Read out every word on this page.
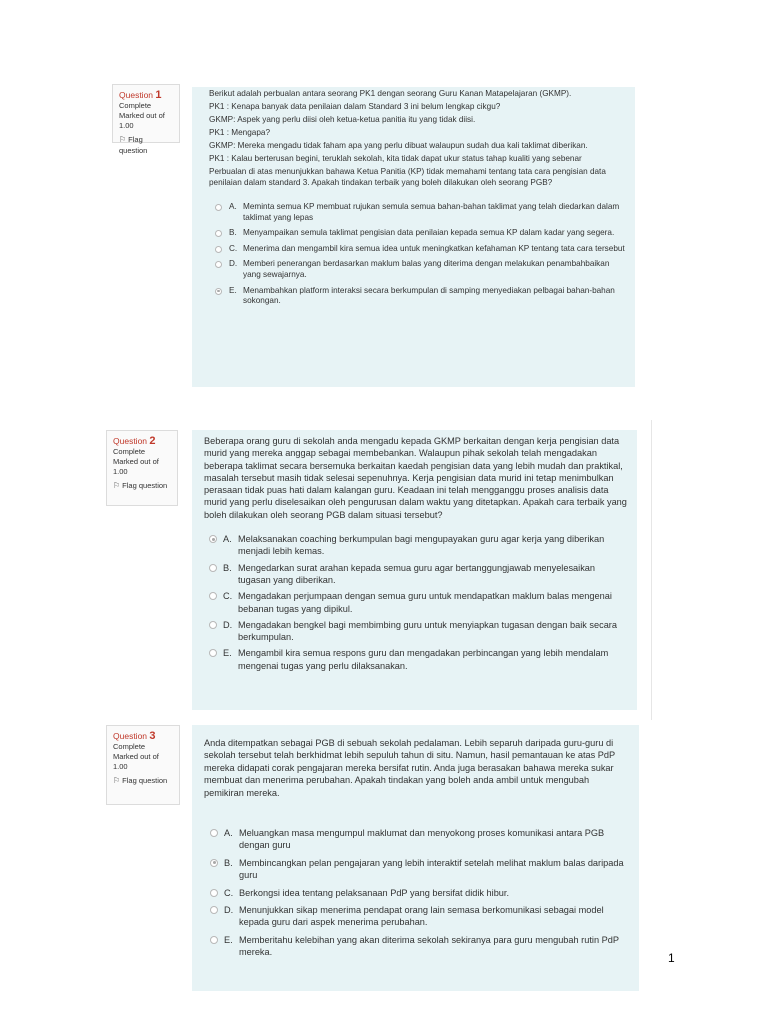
Question 1
Complete
Marked out of
1.00
⚐ Flag question

Berikut adalah perbualan antara seorang PK1 dengan seorang Guru Kanan Matapelajaran (GKMP).

PK1 : Kenapa banyak data penilaian dalam Standard 3 ini belum lengkap cikgu?

GKMP: Aspek yang perlu diisi oleh ketua-ketua panitia itu yang tidak diisi.

PK1 : Mengapa?

GKMP: Mereka mengadu tidak faham apa yang perlu dibuat walaupun sudah dua kali taklimat diberikan.

PK1 : Kalau berterusan begini, teruklah sekolah, kita tidak dapat ukur status tahap kualiti yang sebenar

Perbualan di atas menunjukkan bahawa Ketua Panitia (KP) tidak memahami tentang tata cara pengisian data penilaian dalam standard 3. Apakah tindakan terbaik yang boleh dilakukan oleh seorang PGB?

A. Meminta semua KP membuat rujukan semula semua bahan-bahan taklimat yang telah diedarkan dalam taklimat yang lepas
B. Menyampaikan semula taklimat pengisian data penilaian kepada semua KP dalam kadar yang segera.
C. Menerima dan mengambil kira semua idea untuk meningkatkan kefahaman KP tentang tata cara tersebut
D. Memberi penerangan berdasarkan maklum balas yang diterima dengan melakukan penambahbaikan yang sewajarnya.
E. Menambahkan platform interaksi secara berkumpulan di samping menyediakan pelbagai bahan-bahan sokongan.
Question 2
Complete
Marked out of
1.00
⚐ Flag question

Beberapa orang guru di sekolah anda mengadu kepada GKMP berkaitan dengan kerja pengisian data murid yang mereka anggap sebagai membebankan. Walaupun pihak sekolah telah mengadakan beberapa taklimat secara bersemuka berkaitan kaedah pengisian data yang lebih mudah dan praktikal, masalah tersebut masih tidak selesai sepenuhnya. Kerja pengisian data murid ini tetap menimbulkan perasaan tidak puas hati dalam kalangan guru. Keadaan ini telah mengganggu proses analisis data murid yang perlu diselesaikan oleh pengurusan dalam waktu yang ditetapkan. Apakah cara terbaik yang boleh dilakukan oleh seorang PGB dalam situasi tersebut?

A. Melaksanakan coaching berkumpulan bagi mengupayakan guru agar kerja yang diberikan menjadi lebih kemas.
B. Mengedarkan surat arahan kepada semua guru agar bertanggungjawab menyelesaikan tugasan yang diberikan.
C. Mengadakan perjumpaan dengan semua guru untuk mendapatkan maklum balas mengenai bebanan tugas yang dipikul.
D. Mengadakan bengkel bagi membimbing guru untuk menyiapkan tugasan dengan baik secara berkumpulan.
E. Mengambil kira semua respons guru dan mengadakan perbincangan yang lebih mendalam mengenai tugas yang perlu dilaksanakan.
Question 3
Complete
Marked out of
1.00
⚐ Flag question

Anda ditempatkan sebagai PGB di sebuah sekolah pedalaman. Lebih separuh daripada guru-guru di sekolah tersebut telah berkhidmat lebih sepuluh tahun di situ. Namun, hasil pemantauan ke atas PdP mereka didapati corak pengajaran mereka bersifat rutin. Anda juga berasakan bahawa mereka sukar membuat dan menerima perubahan. Apakah tindakan yang boleh anda ambil untuk mengubah pemikiran mereka.

A. Meluangkan masa mengumpul maklumat dan menyokong proses komunikasi antara PGB dengan guru
B. Membincangkan pelan pengajaran yang lebih interaktif setelah melihat maklum balas daripada guru
C. Berkongsi idea tentang pelaksanaan PdP yang bersifat didik hibur.
D. Menunjukkan sikap menerima pendapat orang lain semasa berkomunikasi sebagai model kepada guru dari aspek menerima perubahan.
E. Memberitahu kelebihan yang akan diterima sekolah sekiranya para guru mengubah rutin PdP mereka.	1
